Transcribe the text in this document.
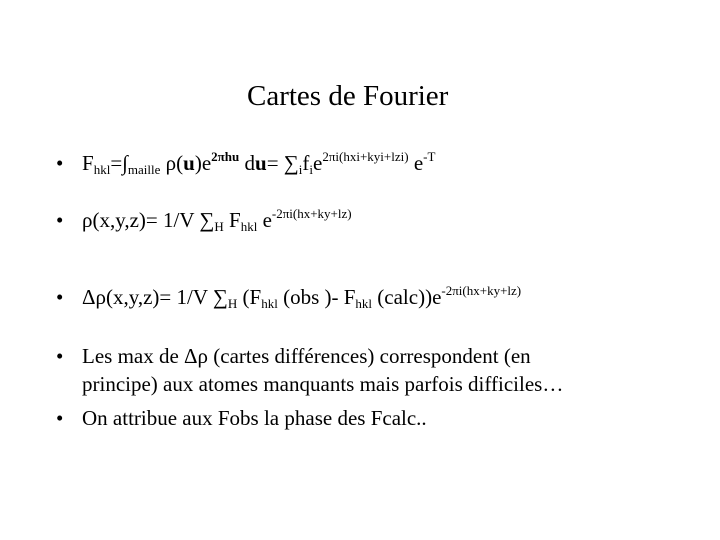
Cartes de Fourier
• $F_{hkl}=\int_{maille}$ $\rho(u)e^{2\pi hu}$ $du= \sum_if_ie^{2\pi i(hxi+kyi+lzi)}$ $e^{-T}$
• ρ(x,y,z)= 1/V $\sum_H$ $F_{hkl}$ $e^{-2\pi i(hx+ky+lz)}$
• Δρ(x,y,z)= 1/V $\sum_H$ ($F_{hkl}$ (obs )- $F_{hkl}$ $(calc))e^{-2\pi i(hx+ky+lz)}$
• Les max de Δρ (cartes différences) correspondent (en
principe) aux atomes manquants mais parfois difficiles…
• On attribue aux Fobs la phase des Fcalc..
